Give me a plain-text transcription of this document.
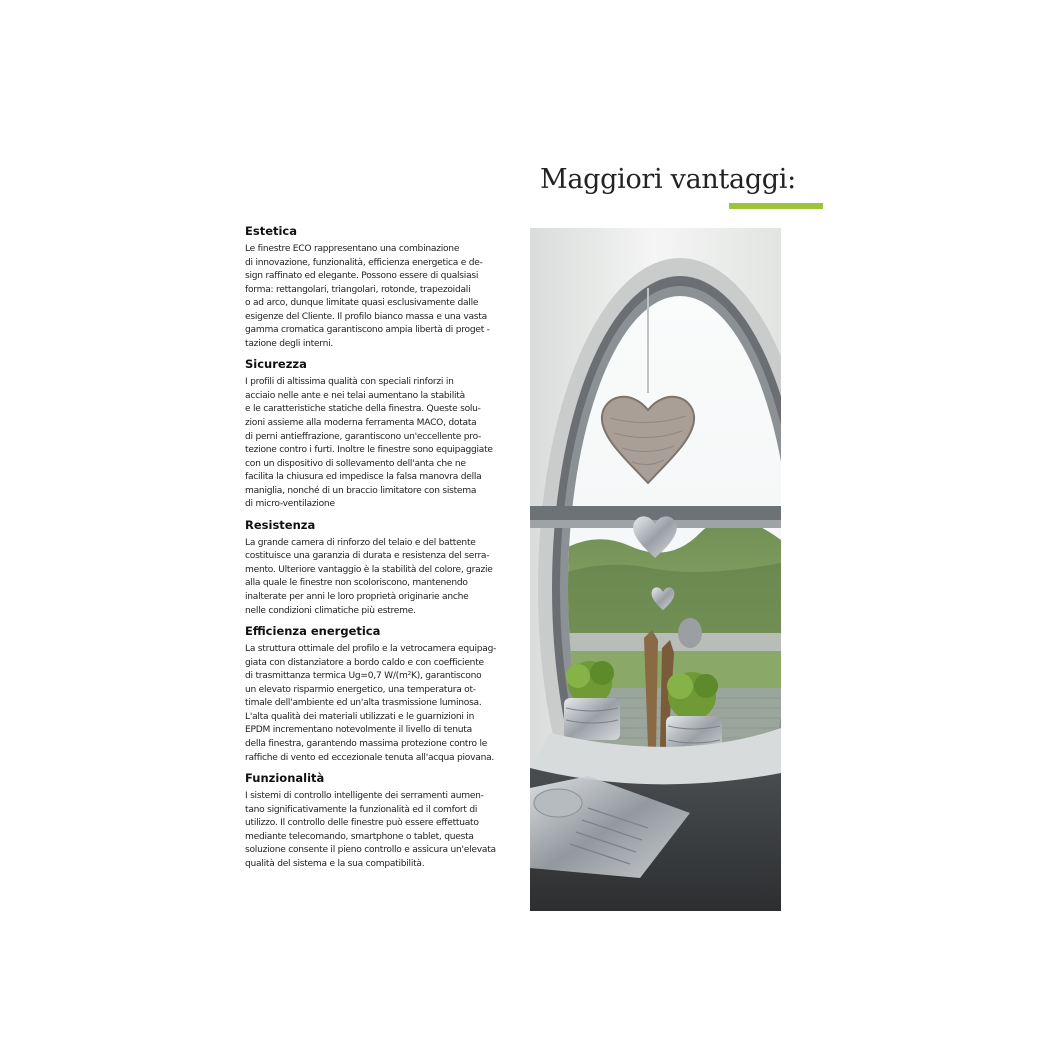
Maggiori vantaggi:
Estetica

Le finestre ECO rappresentano una combinazione
di innovazione, funzionalità, efficienza energetica e de-
sign raffinato ed elegante. Possono essere di qualsiasi
forma: rettangolari, triangolari, rotonde, trapezoidali
o ad arco, dunque limitate quasi esclusivamente dalle
esigenze del Cliente. Il profilo bianco massa e una vasta
gamma cromatica garantiscono ampia libertà di proget -
tazione degli interni.

Sicurezza

I profili di altissima qualità con speciali rinforzi in
acciaio nelle ante e nei telai aumentano la stabilità
e le caratteristiche statiche della finestra. Queste solu-
zioni assieme alla moderna ferramenta MACO, dotata
di perni antieffrazione, garantiscono un'eccellente pro-
tezione contro i furti. Inoltre le finestre sono equipaggiate
con un dispositivo di sollevamento dell'anta che ne
facilita la chiusura ed impedisce la falsa manovra della
maniglia, nonché di un braccio limitatore con sistema
di micro-ventilazione

Resistenza

La grande camera di rinforzo del telaio e del battente
costituisce una garanzia di durata e resistenza del serra-
mento. Ulteriore vantaggio è la stabilità del colore, grazie
alla quale le finestre non scoloriscono, mantenendo
inalterate per anni le loro proprietà originarie anche
nelle condizioni climatiche più estreme.

Efficienza energetica

La struttura ottimale del profilo e la vetrocamera equipag-
giata con distanziatore a bordo caldo e con coefficiente
di trasmittanza termica Ug=0,7 W/(m²K), garantiscono
un elevato risparmio energetico, una temperatura ot-
timale dell'ambiente ed un'alta trasmissione luminosa.
L'alta qualità dei materiali utilizzati e le guarnizioni in
EPDM incrementano notevolmente il livello di tenuta
della finestra, garantendo massima protezione contro le
raffiche di vento ed eccezionale tenuta all'acqua piovana.

Funzionalità

I sistemi di controllo intelligente dei serramenti aumen-
tano significativamente la funzionalità ed il comfort di
utilizzo. Il controllo delle finestre può essere effettuato
mediante telecomando, smartphone o tablet, questa
soluzione consente il pieno controllo e assicura un'elevata
qualità del sistema e la sua compatibilità.
